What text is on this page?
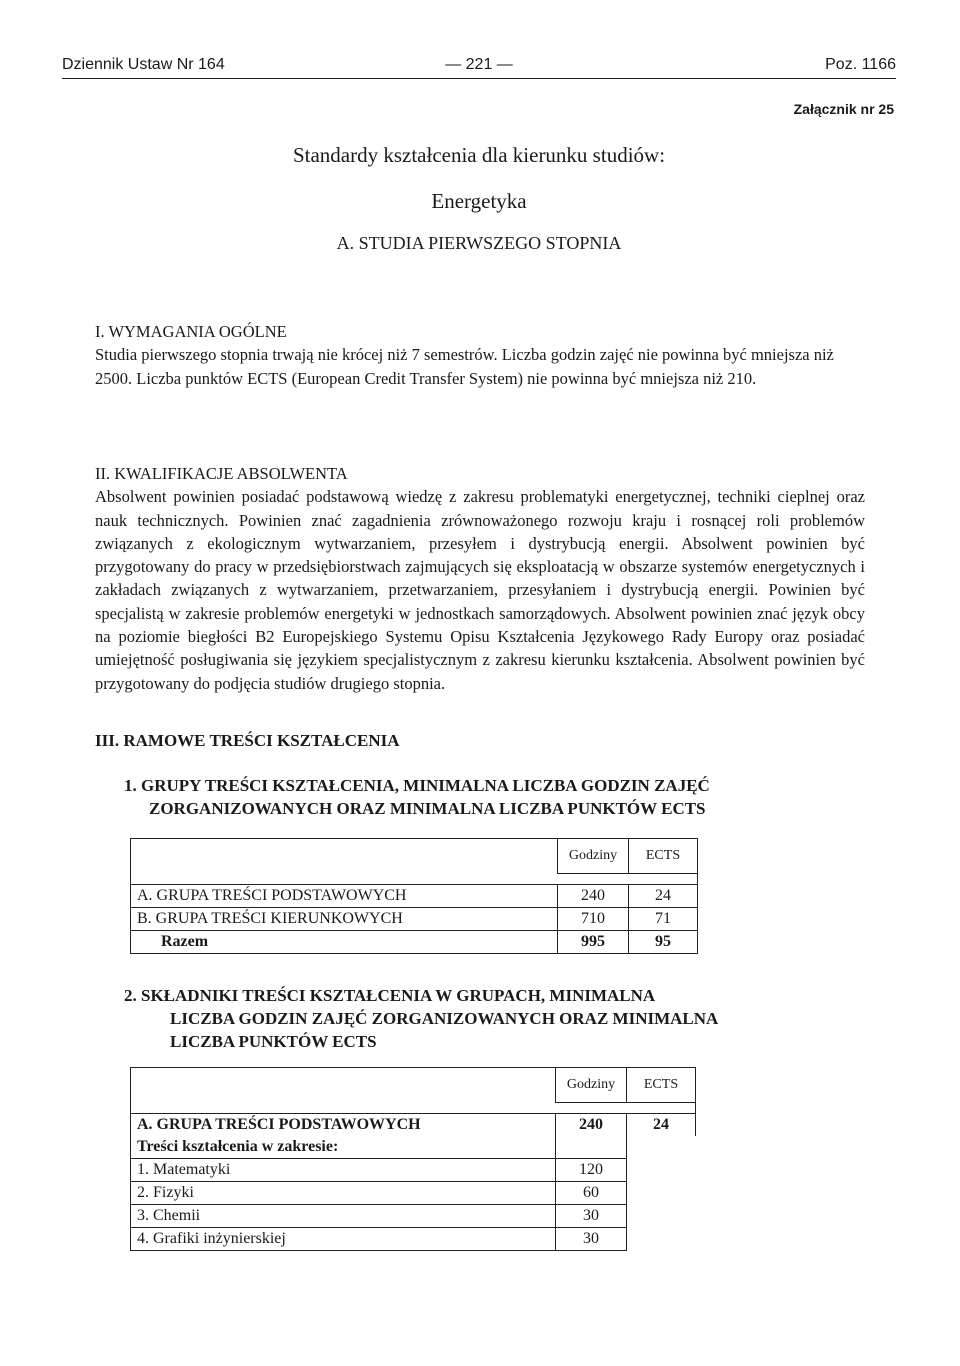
Dziennik Ustaw Nr 164	— 221 —	Poz. 1166
Załącznik nr 25
Standardy kształcenia dla kierunku studiów:
Energetyka
A. STUDIA PIERWSZEGO STOPNIA
I. WYMAGANIA OGÓLNE
Studia pierwszego stopnia trwają nie krócej niż 7 semestrów. Liczba godzin zajęć nie powinna być mniejsza niż 2500. Liczba punktów ECTS (European Credit Transfer System) nie powinna być mniejsza niż 210.
II. KWALIFIKACJE ABSOLWENTA
Absolwent powinien posiadać podstawową wiedzę z zakresu problematyki energetycznej, techniki cieplnej oraz nauk technicznych. Powinien znać zagadnienia zrównoważonego rozwoju kraju i rosnącej roli problemów związanych z ekologicznym wytwarzaniem, przesyłem i dystrybucją energii. Absolwent powinien być przygotowany do pracy w przedsiębiorstwach zajmujących się eksploatacją w obszarze systemów energetycznych i zakładach związanych z wytwarzaniem, przetwarzaniem, przesyłaniem i dystrybucją energii. Powinien być specjalistą w zakresie problemów energetyki w jednostkach samorządowych. Absolwent powinien znać język obcy na poziomie biegłości B2 Europejskiego Systemu Opisu Kształcenia Językowego Rady Europy oraz posiadać umiejętność posługiwania się językiem specjalistycznym z zakresu kierunku kształcenia. Absolwent powinien być przygotowany do podjęcia studiów drugiego stopnia.
III. RAMOWE TREŚCI KSZTAŁCENIA
1. GRUPY TREŚCI KSZTAŁCENIA, MINIMALNA LICZBA GODZIN ZAJĘĆ
ZORGANIZOWANYCH ORAZ MINIMALNA LICZBA PUNKTÓW ECTS
	Godziny	ECTS

A. GRUPA TREŚCI PODSTAWOWYCH	240	24
B. GRUPA TREŚCI KIERUNKOWYCH	710	71
Razem	995	95
2. SKŁADNIKI TREŚCI KSZTAŁCENIA W GRUPACH, MINIMALNA
LICZBA GODZIN ZAJĘĆ ZORGANIZOWANYCH ORAZ MINIMALNA
LICZBA PUNKTÓW ECTS
	Godziny	ECTS

A. GRUPA TREŚCI PODSTAWOWYCH	240	24
Treści kształcenia w zakresie:		
1. Matematyki	120	
2. Fizyki	60	
3. Chemii	30	
4. Grafiki inżynierskiej	30	
